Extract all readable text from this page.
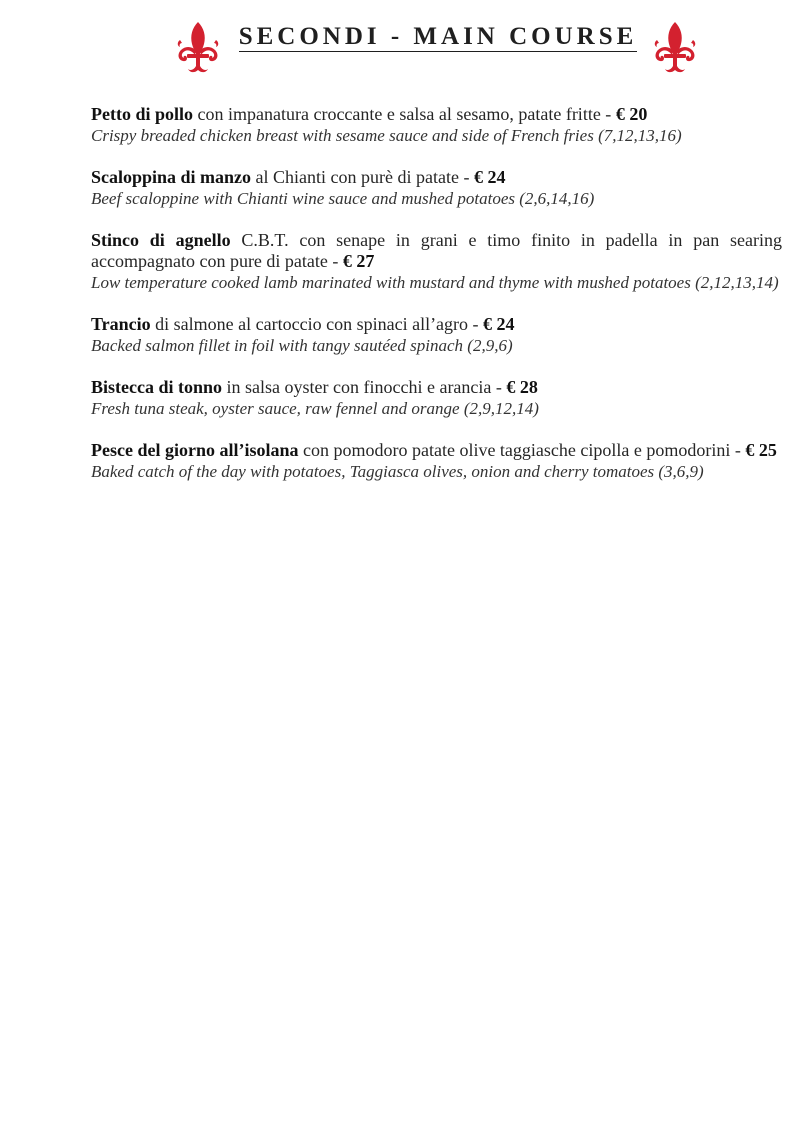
SECONDI - MAIN COURSE
Petto di pollo con impanatura croccante e salsa al sesamo, patate fritte - € 20
Crispy breaded chicken breast with sesame sauce and side of French fries (7,12,13,16)
Scaloppina di manzo al Chianti con purè di patate - € 24
Beef scaloppine with Chianti wine sauce and mushed potatoes (2,6,14,16)
Stinco di agnello C.B.T. con senape in grani e timo finito in padella in pan searing accompagnato con pure di patate - € 27
Low temperature cooked lamb marinated with mustard and thyme with mushed potatoes (2,12,13,14)
Trancio di salmone al cartoccio con spinaci all’agro - € 24
Backed salmon fillet in foil with tangy sautéed spinach (2,9,6)
Bistecca di tonno in salsa oyster con finocchi e arancia - € 28
Fresh tuna steak, oyster sauce, raw fennel and orange (2,9,12,14)
Pesce del giorno all’isolana con pomodoro patate olive taggiasche cipolla e pomodorini - € 25
Baked catch of the day with potatoes, Taggiasca olives, onion and cherry tomatoes (3,6,9)
